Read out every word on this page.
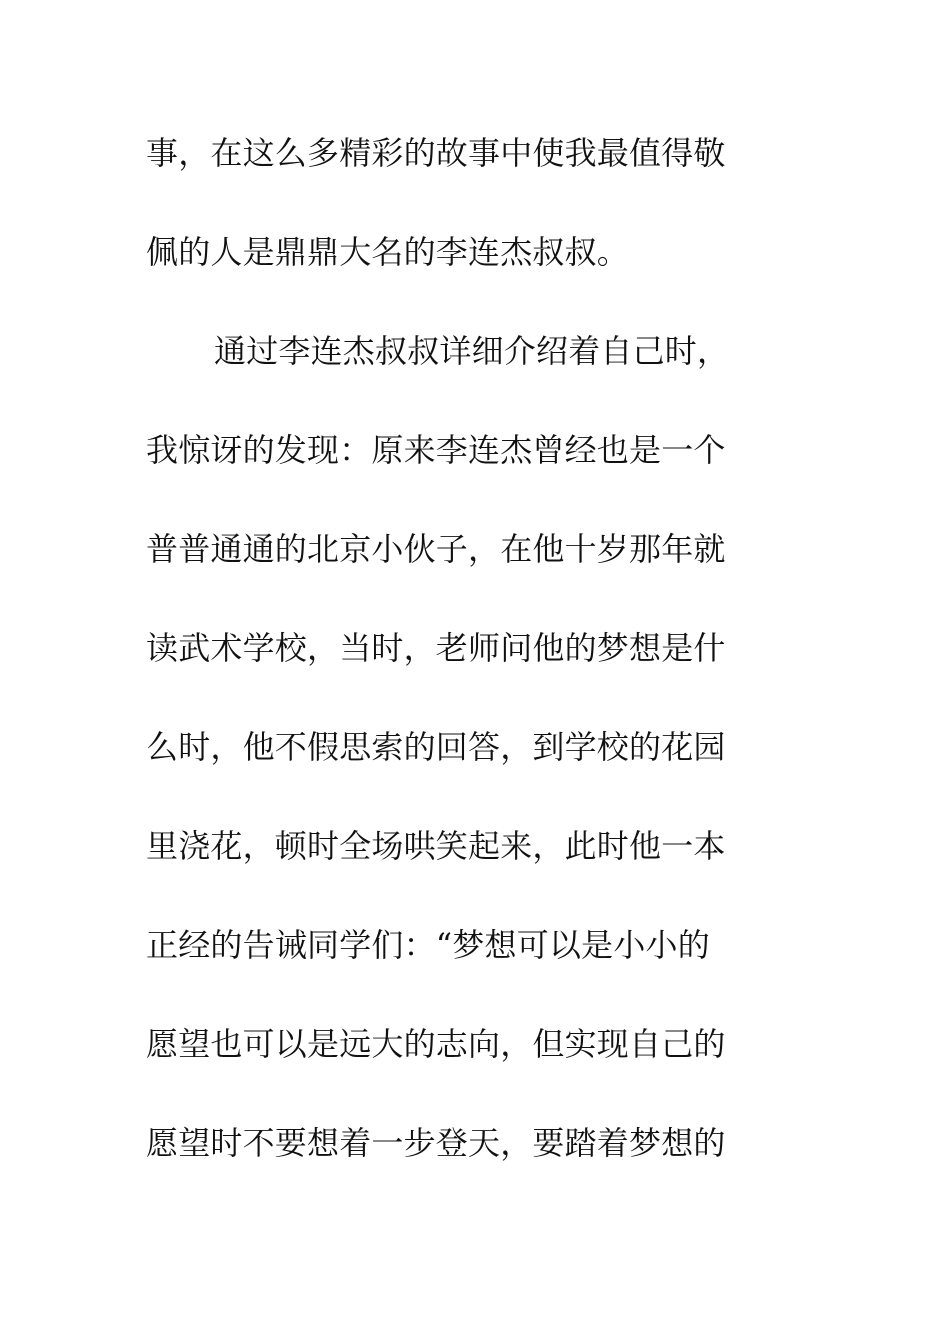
事，在这么多精彩的故事中使我最值得敬
佩的人是鼎鼎大名的李连杰叔叔。
通过李连杰叔叔详细介绍着自己时，
我惊讶的发现：原来李连杰曾经也是一个
普普通通的北京小伙子，在他十岁那年就
读武术学校，当时，老师问他的梦想是什
么时，他不假思索的回答，到学校的花园
里浇花，顿时全场哄笑起来，此时他一本
正经的告诫同学们：“梦想可以是小小的
愿望也可以是远大的志向，但实现自己的
愿望时不要想着一步登天，要踏着梦想的
